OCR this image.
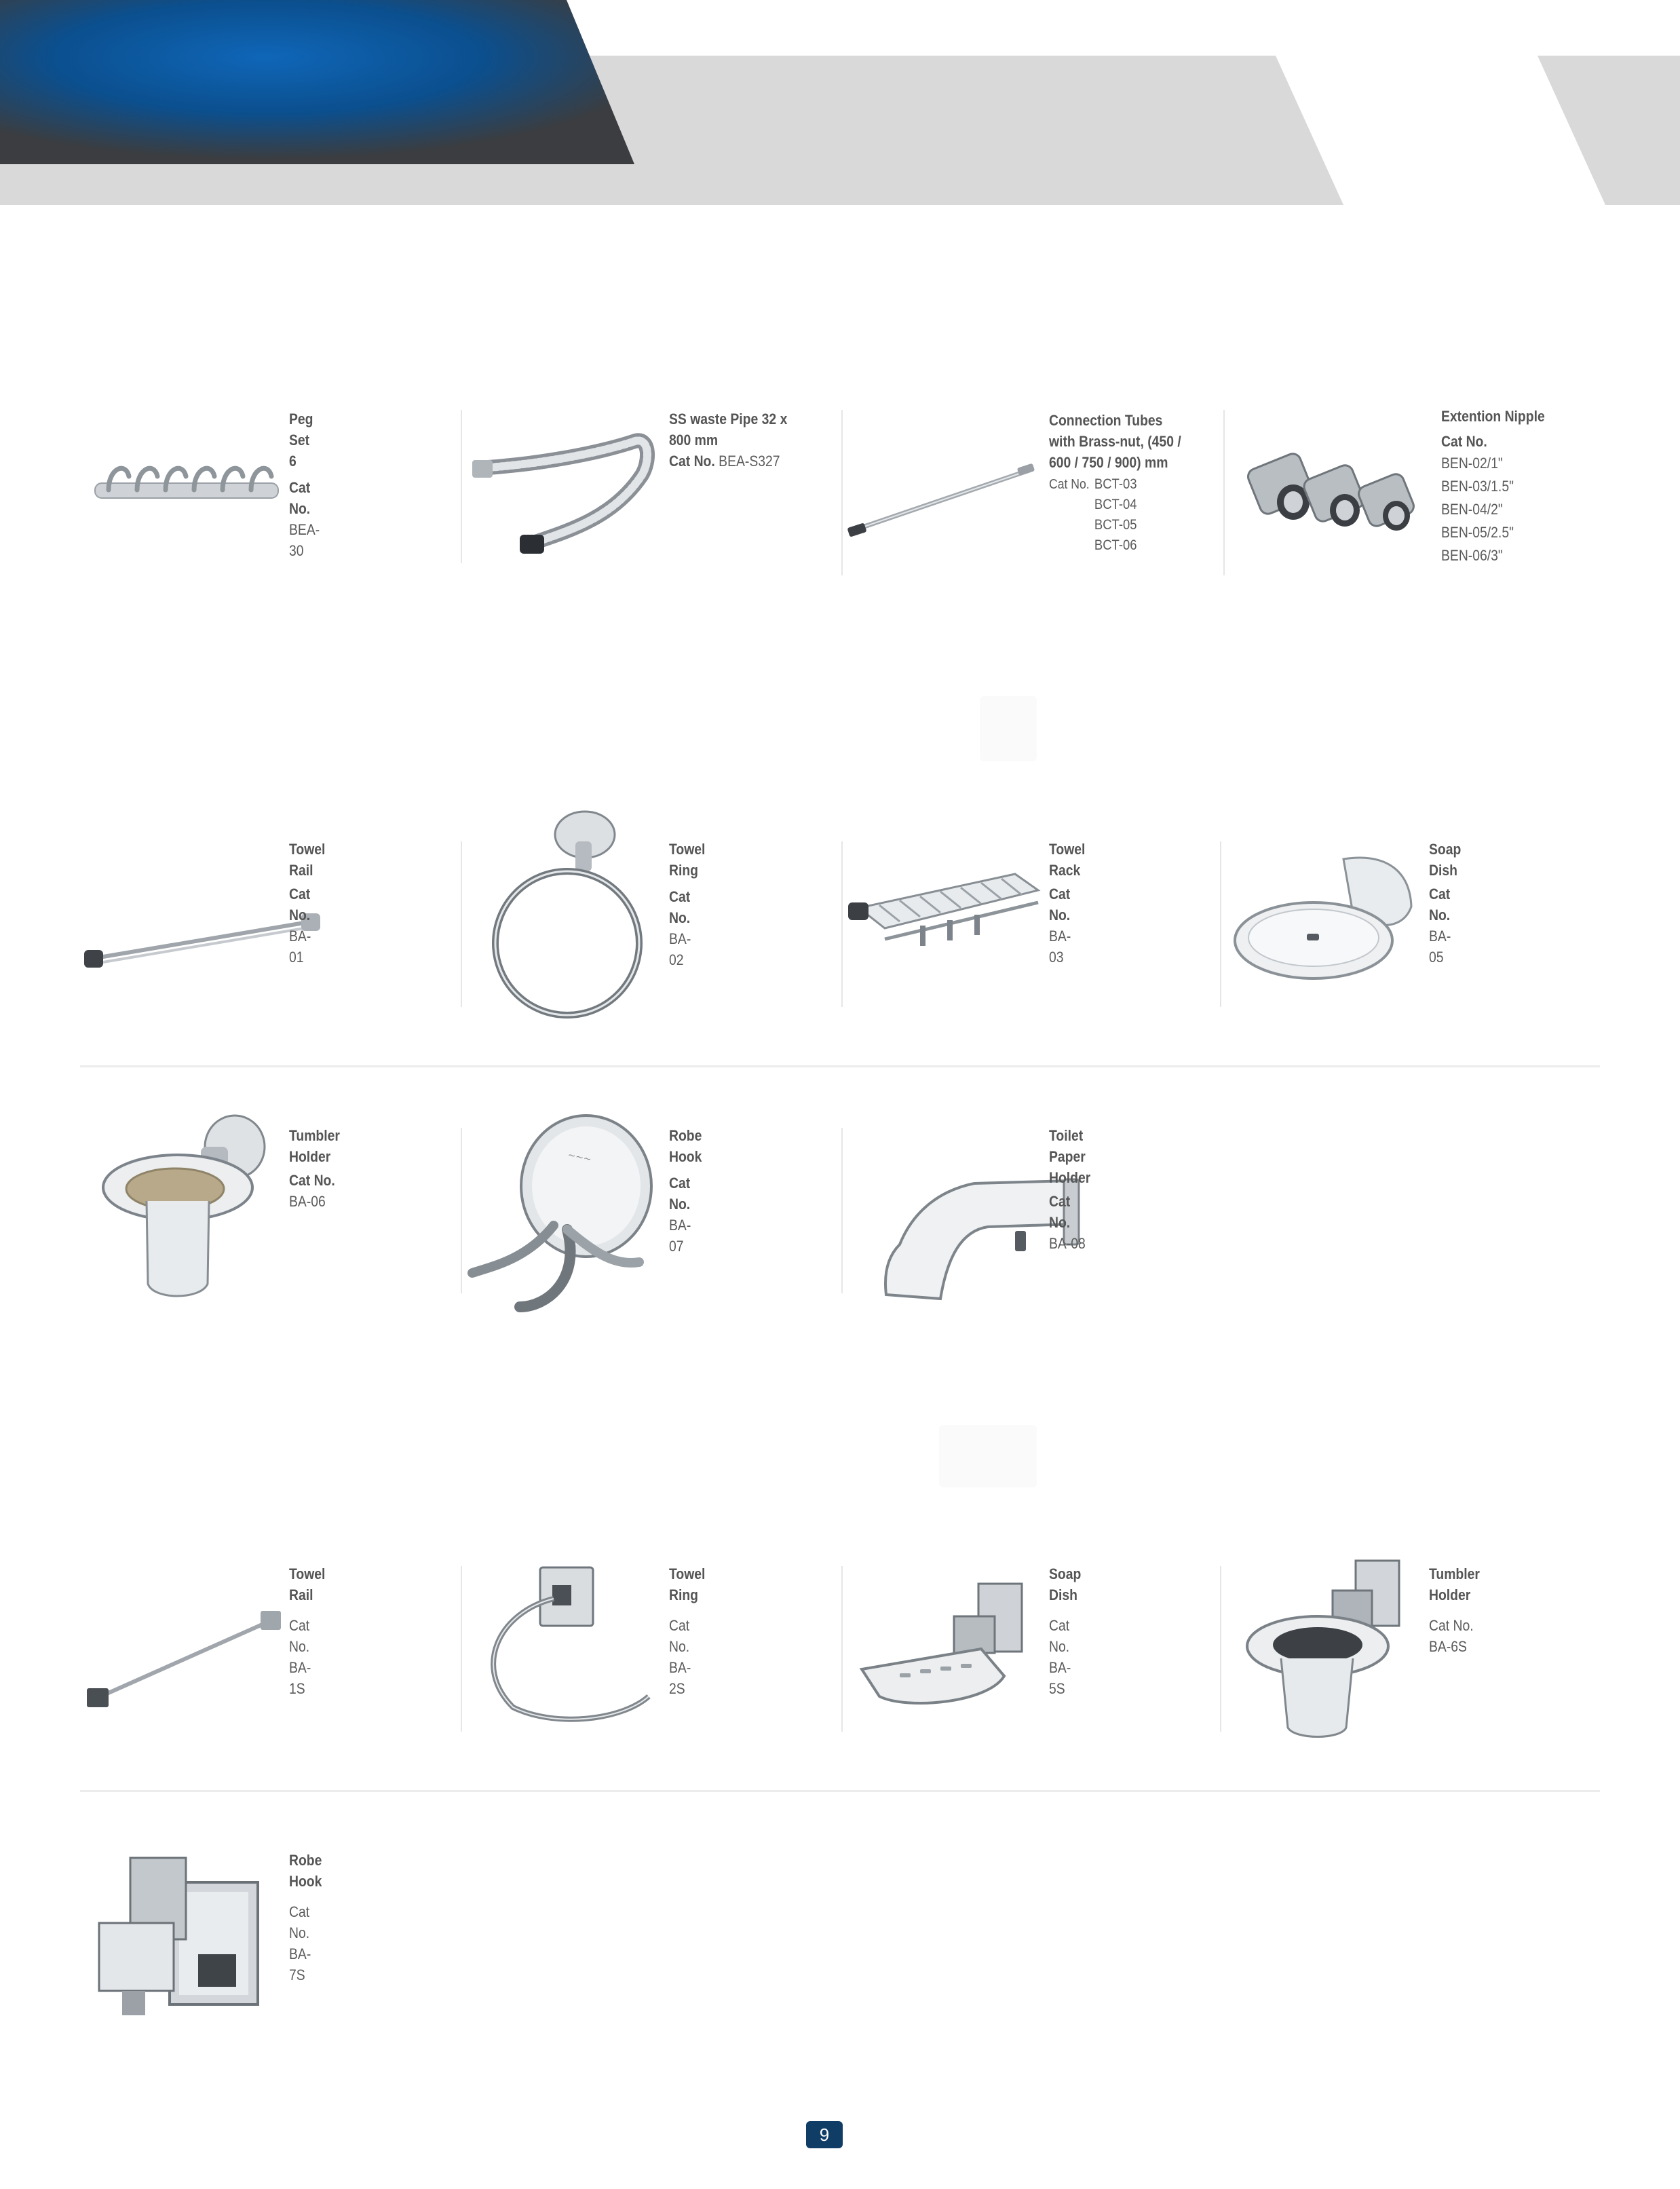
Peg Set 6
Cat No. BEA-30
SS waste Pipe 32 x 800 mm
Cat No. BEA-S327
Connection Tubes with Brass-nut, (450 / 600 / 750 / 900) mm
Cat No. BCT-03
BCT-04
BCT-05
BCT-06
Extention Nipple
Cat No.
BEN-02/1"
BEN-03/1.5"
BEN-04/2"
BEN-05/2.5"
BEN-06/3"
Towel Rail
Cat No. BA-01
Towel Ring
Cat No. BA-02
Towel Rack
Cat No. BA-03
Soap Dish
Cat No. BA-05
Tumbler Holder
Cat No. BA-06
~~~
Robe Hook
Cat No. BA-07
Toilet Paper Holder
Cat No. BA-08
Towel Rail
Cat No. BA-1S
Towel Ring
Cat No. BA-2S
Soap Dish
Cat No. BA-5S
Tumbler Holder
Cat No. BA-6S
Robe Hook
Cat No. BA-7S
9
